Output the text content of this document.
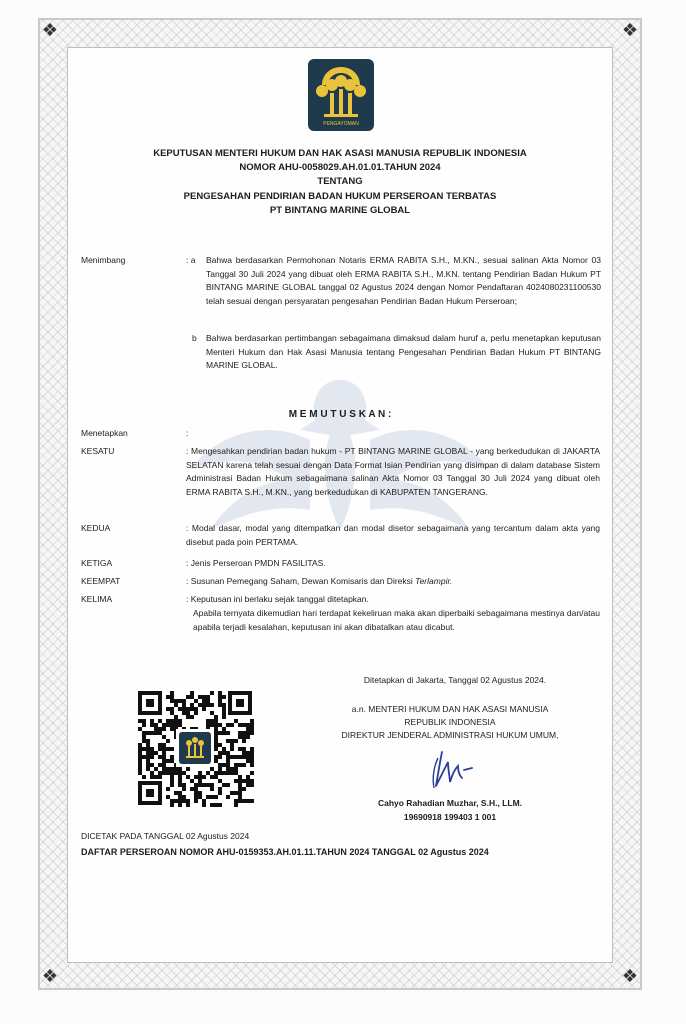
❖	❖
❖	❖
PENGAYOMAN
KEPUTUSAN MENTERI HUKUM DAN HAK ASASI MANUSIA REPUBLIK INDONESIA
NOMOR AHU-0058029.AH.01.01.TAHUN 2024
TENTANG
PENGESAHAN PENDIRIAN BADAN HUKUM PERSEROAN TERBATAS
PT BINTANG MARINE GLOBAL
Menimbang	: a Bahwa berdasarkan Permohonan Notaris ERMA RABITA S.H., M.KN., sesuai salinan Akta Nomor 03 Tanggal 30 Juli 2024 yang dibuat oleh ERMA RABITA S.H., M.KN. tentang Pendirian Badan Hukum PT BINTANG MARINE GLOBAL tanggal 02 Agustus 2024 dengan Nomor Pendaftaran 4024080231100530 telah sesuai dengan persyaratan pengesahan Pendirian Badan Hukum Perseroan;
b Bahwa berdasarkan pertimbangan sebagaimana dimaksud dalam huruf a, perlu menetapkan keputusan Menteri Hukum dan Hak Asasi Manusia tentang Pengesahan Pendirian Badan Hukum PT BINTANG MARINE GLOBAL.
M E M U T U S K A N :
Menetapkan	:
KESATU	: Mengesahkan pendirian badan hukum - PT BINTANG MARINE GLOBAL - yang berkedudukan di JAKARTA SELATAN karena telah sesuai dengan Data Format Isian Pendirian yang disimpan di dalam database Sistem Administrasi Badan Hukum sebagaimana salinan Akta Nomor 03 Tanggal 30 Juli 2024 yang dibuat oleh ERMA RABITA S.H., M.KN., yang berkedudukan di KABUPATEN TANGERANG.
KEDUA	: Modal dasar, modal yang ditempatkan dan modal disetor sebagaimana yang tercantum dalam akta yang disebut pada poin PERTAMA.
KETIGA	: Jenis Perseroan PMDN FASILITAS.
KEEMPAT	: Susunan Pemegang Saham, Dewan Komisaris dan Direksi Terlampir.
KELIMA	: Keputusan ini berlaku sejak tanggal ditetapkan.
Apabila ternyata dikemudian hari terdapat kekeliruan maka akan diperbaiki sebagaimana mestinya dan/atau apabila terjadi kesalahan, keputusan ini akan dibatalkan atau dicabut.
Ditetapkan di Jakarta, Tanggal 02 Agustus 2024.
a.n. MENTERI HUKUM DAN HAK ASASI MANUSIA
REPUBLIK INDONESIA
DIREKTUR JENDERAL ADMINISTRASI HUKUM UMUM,
Cahyo Rahadian Muzhar, S.H., LLM.
19690918 199403 1 001
DICETAK PADA TANGGAL 02 Agustus 2024
DAFTAR PERSEROAN NOMOR AHU-0159353.AH.01.11.TAHUN 2024 TANGGAL 02 Agustus 2024
